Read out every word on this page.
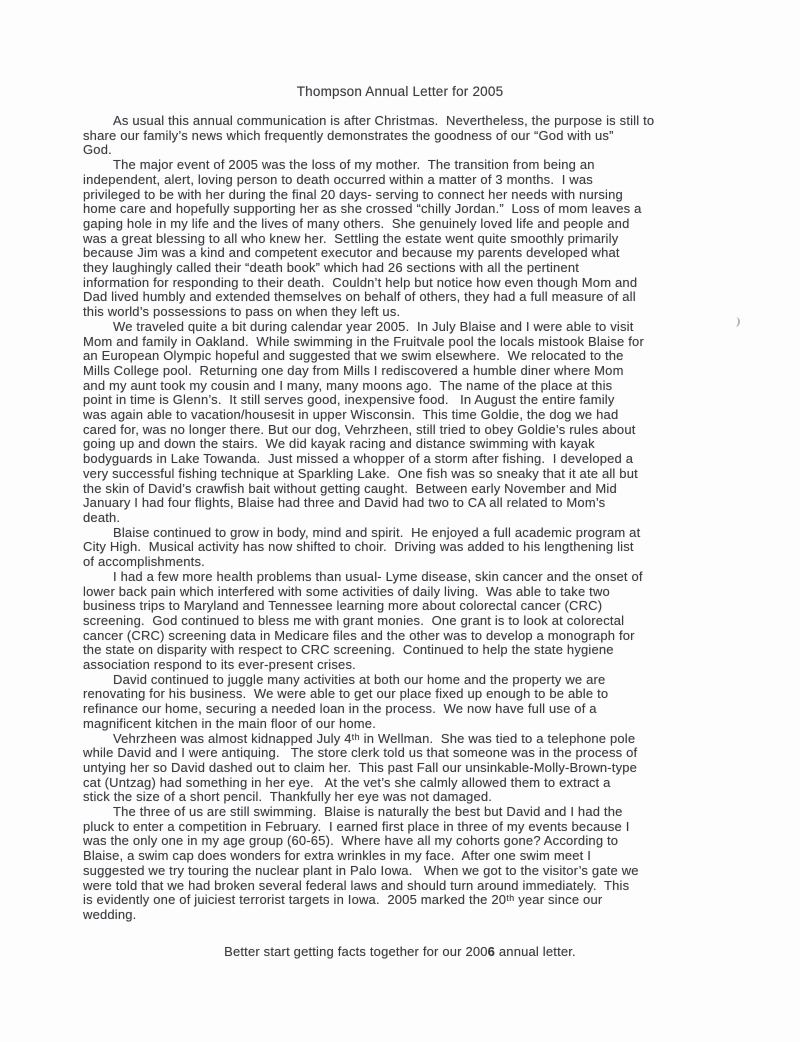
Thompson Annual Letter for 2005
As usual this annual communication is after Christmas.  Nevertheless, the purpose is still to
share our family’s news which frequently demonstrates the goodness of our “God with us”
God.
The major event of 2005 was the loss of my mother.  The transition from being an
independent, alert, loving person to death occurred within a matter of 3 months.  I was
privileged to be with her during the final 20 days- serving to connect her needs with nursing
home care and hopefully supporting her as she crossed “chilly Jordan.”  Loss of mom leaves a
gaping hole in my life and the lives of many others.  She genuinely loved life and people and
was a great blessing to all who knew her.  Settling the estate went quite smoothly primarily
because Jim was a kind and competent executor and because my parents developed what
they laughingly called their “death book” which had 26 sections with all the pertinent
information for responding to their death.  Couldn’t help but notice how even though Mom and
Dad lived humbly and extended themselves on behalf of others, they had a full measure of all
this world’s possessions to pass on when they left us.
We traveled quite a bit during calendar year 2005.  In July Blaise and I were able to visit
Mom and family in Oakland.  While swimming in the Fruitvale pool the locals mistook Blaise for
an European Olympic hopeful and suggested that we swim elsewhere.  We relocated to the
Mills College pool.  Returning one day from Mills I rediscovered a humble diner where Mom
and my aunt took my cousin and I many, many moons ago.  The name of the place at this
point in time is Glenn’s.  It still serves good, inexpensive food.   In August the entire family
was again able to vacation/housesit in upper Wisconsin.  This time Goldie, the dog we had
cared for, was no longer there. But our dog, Vehrzheen, still tried to obey Goldie’s rules about
going up and down the stairs.  We did kayak racing and distance swimming with kayak
bodyguards in Lake Towanda.  Just missed a whopper of a storm after fishing.  I developed a
very successful fishing technique at Sparkling Lake.  One fish was so sneaky that it ate all but
the skin of David’s crawfish bait without getting caught.  Between early November and Mid
January I had four flights, Blaise had three and David had two to CA all related to Mom’s
death.
Blaise continued to grow in body, mind and spirit.  He enjoyed a full academic program at
City High.  Musical activity has now shifted to choir.  Driving was added to his lengthening list
of accomplishments.
I had a few more health problems than usual- Lyme disease, skin cancer and the onset of
lower back pain which interfered with some activities of daily living.  Was able to take two
business trips to Maryland and Tennessee learning more about colorectal cancer (CRC)
screening.  God continued to bless me with grant monies.  One grant is to look at colorectal
cancer (CRC) screening data in Medicare files and the other was to develop a monograph for
the state on disparity with respect to CRC screening.  Continued to help the state hygiene
association respond to its ever-present crises.
David continued to juggle many activities at both our home and the property we are
renovating for his business.  We were able to get our place fixed up enough to be able to
refinance our home, securing a needed loan in the process.  We now have full use of a
magnificent kitchen in the main floor of our home.
Vehrzheen was almost kidnapped July 4ᵗʰ in Wellman.  She was tied to a telephone pole
while David and I were antiquing.   The store clerk told us that someone was in the process of
untying her so David dashed out to claim her.  This past Fall our unsinkable-Molly-Brown-type
cat (Untzag) had something in her eye.   At the vet’s she calmly allowed them to extract a
stick the size of a short pencil.  Thankfully her eye was not damaged.
The three of us are still swimming.  Blaise is naturally the best but David and I had the
pluck to enter a competition in February.  I earned first place in three of my events because I
was the only one in my age group (60-65).  Where have all my cohorts gone? According to
Blaise, a swim cap does wonders for extra wrinkles in my face.  After one swim meet I
suggested we try touring the nuclear plant in Palo Iowa.   When we got to the visitor’s gate we
were told that we had broken several federal laws and should turn around immediately.  This
is evidently one of juiciest terrorist targets in Iowa.  2005 marked the 20ᵗʰ year since our
wedding.
Better start getting facts together for our 2006 annual letter.
